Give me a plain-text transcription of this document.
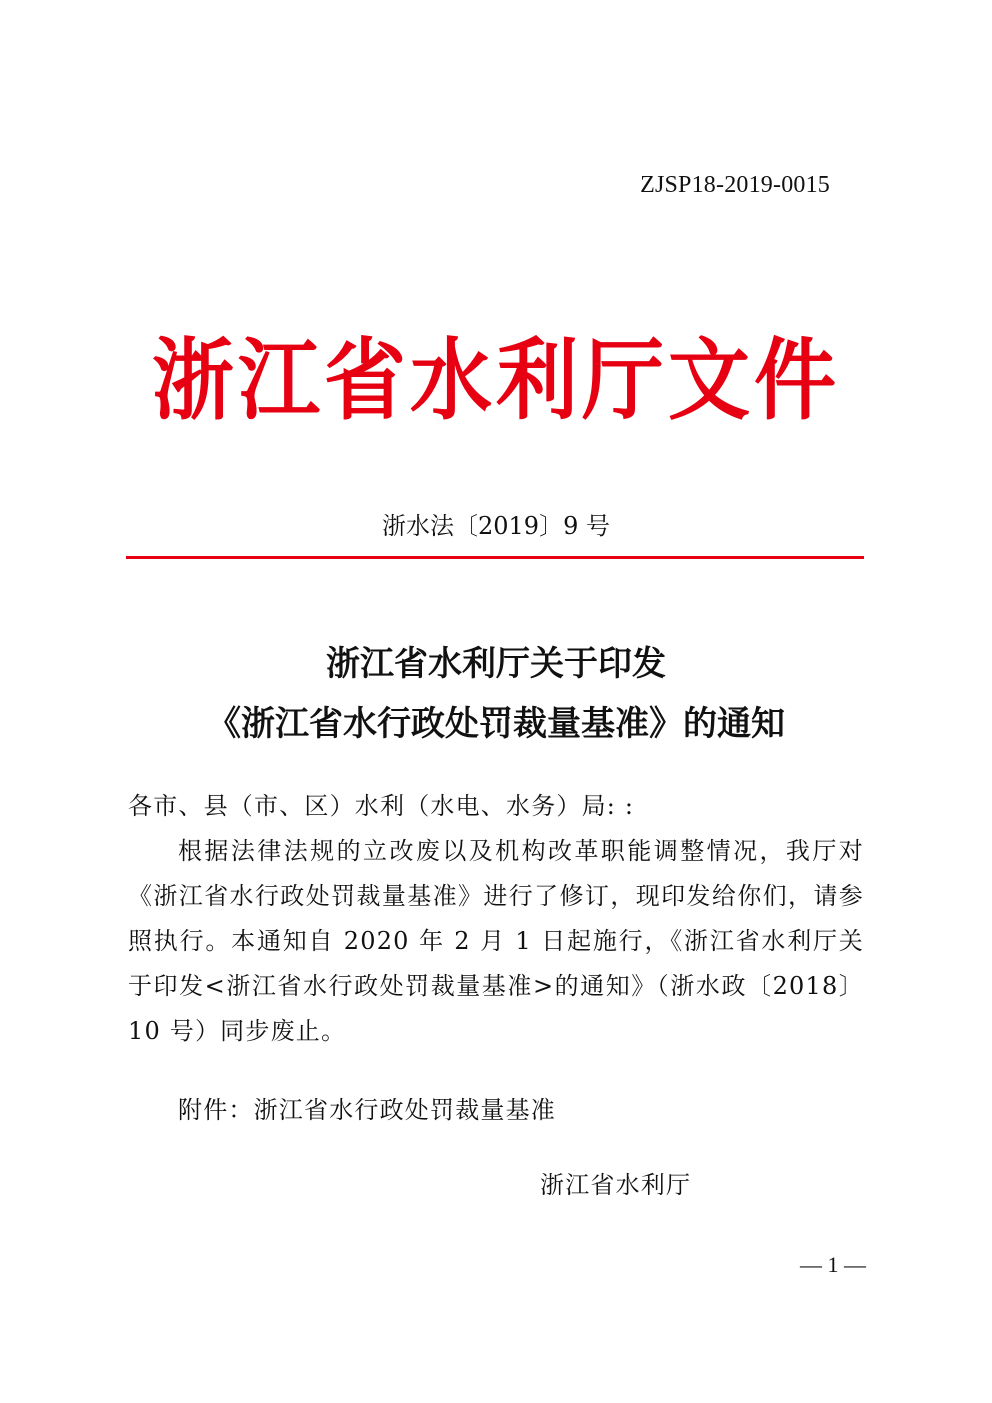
ZJSP18-2019-0015
浙江省水利厅文件
浙水法〔2019〕9 号
浙江省水利厅关于印发
《浙江省水行政处罚裁量基准》的通知
各市、县（市、区）水利（水电、水务）局: :
根据法律法规的立改废以及机构改革职能调整情况，我厅对《浙江省水行政处罚裁量基准》进行了修订，现印发给你们，请参照执行。本通知自 2020 年 2 月 1 日起施行，《浙江省水利厅关于印发<浙江省水行政处罚裁量基准>的通知》（浙水政〔2018〕10 号）同步废止。
附件：浙江省水行政处罚裁量基准
浙江省水利厅
— 1 —
